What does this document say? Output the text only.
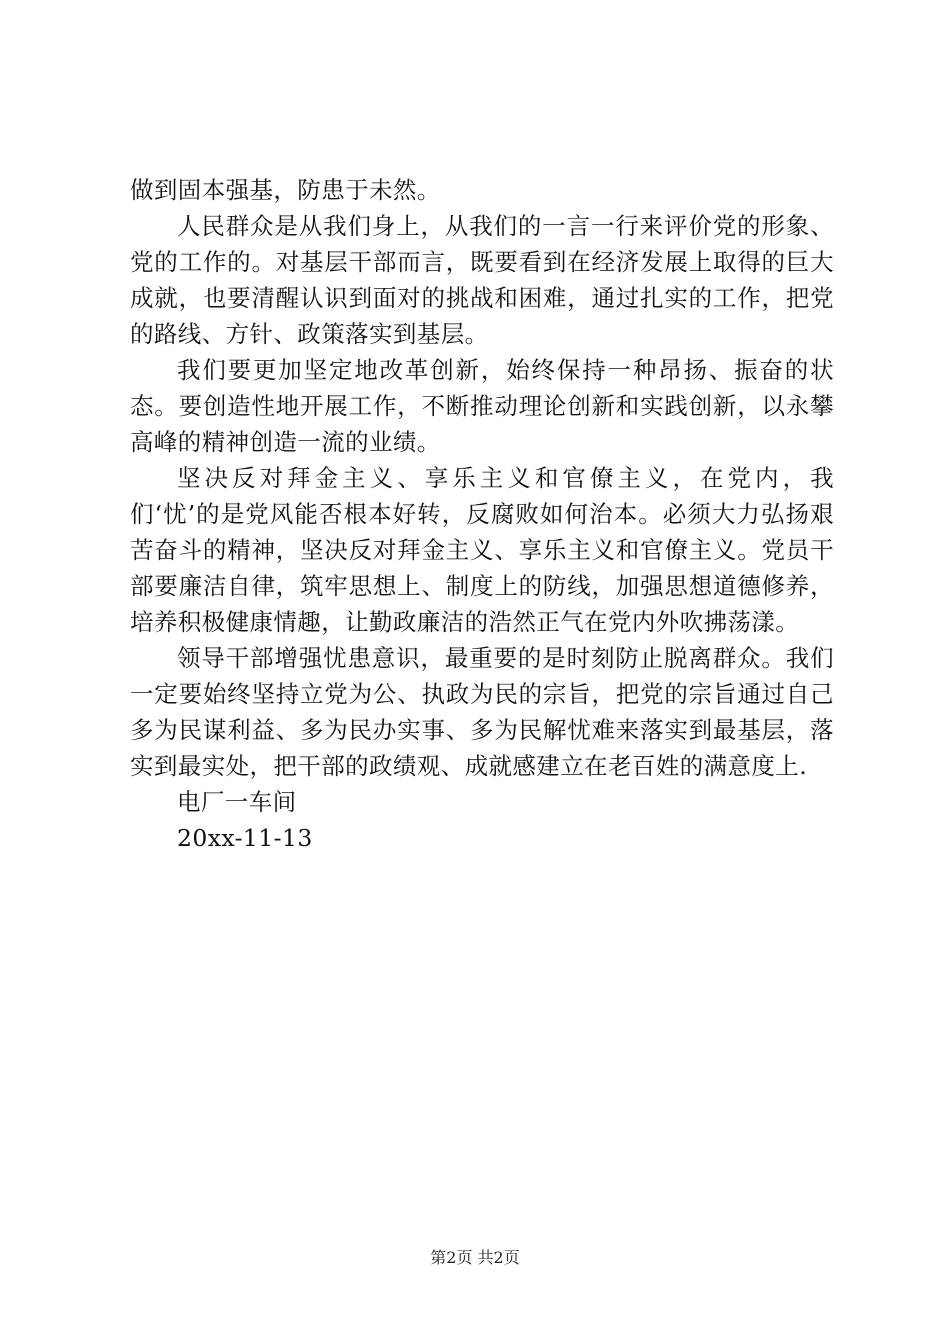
做到固本强基，防患于未然。

人民群众是从我们身上，从我们的一言一行来评价党的形象、党的工作的。对基层干部而言，既要看到在经济发展上取得的巨大成就，也要清醒认识到面对的挑战和困难，通过扎实的工作，把党的路线、方针、政策落实到基层。

我们要更加坚定地改革创新，始终保持一种昂扬、振奋的状态。要创造性地开展工作，不断推动理论创新和实践创新，以永攀高峰的精神创造一流的业绩。

坚决反对拜金主义、享乐主义和官僚主义，在党内，我们‘忧’的是党风能否根本好转，反腐败如何治本。必须大力弘扬艰苦奋斗的精神，坚决反对拜金主义、享乐主义和官僚主义。党员干部要廉洁自律，筑牢思想上、制度上的防线，加强思想道德修养，培养积极健康情趣，让勤政廉洁的浩然正气在党内外吹拂荡漾。

领导干部增强忧患意识，最重要的是时刻防止脱离群众。我们一定要始终坚持立党为公、执政为民的宗旨，把党的宗旨通过自己多为民谋利益、多为民办实事、多为民解忧难来落实到最基层，落实到最实处，把干部的政绩观、成就感建立在老百姓的满意度上.

电厂一车间

20xx-11-13

第2页 共2页
